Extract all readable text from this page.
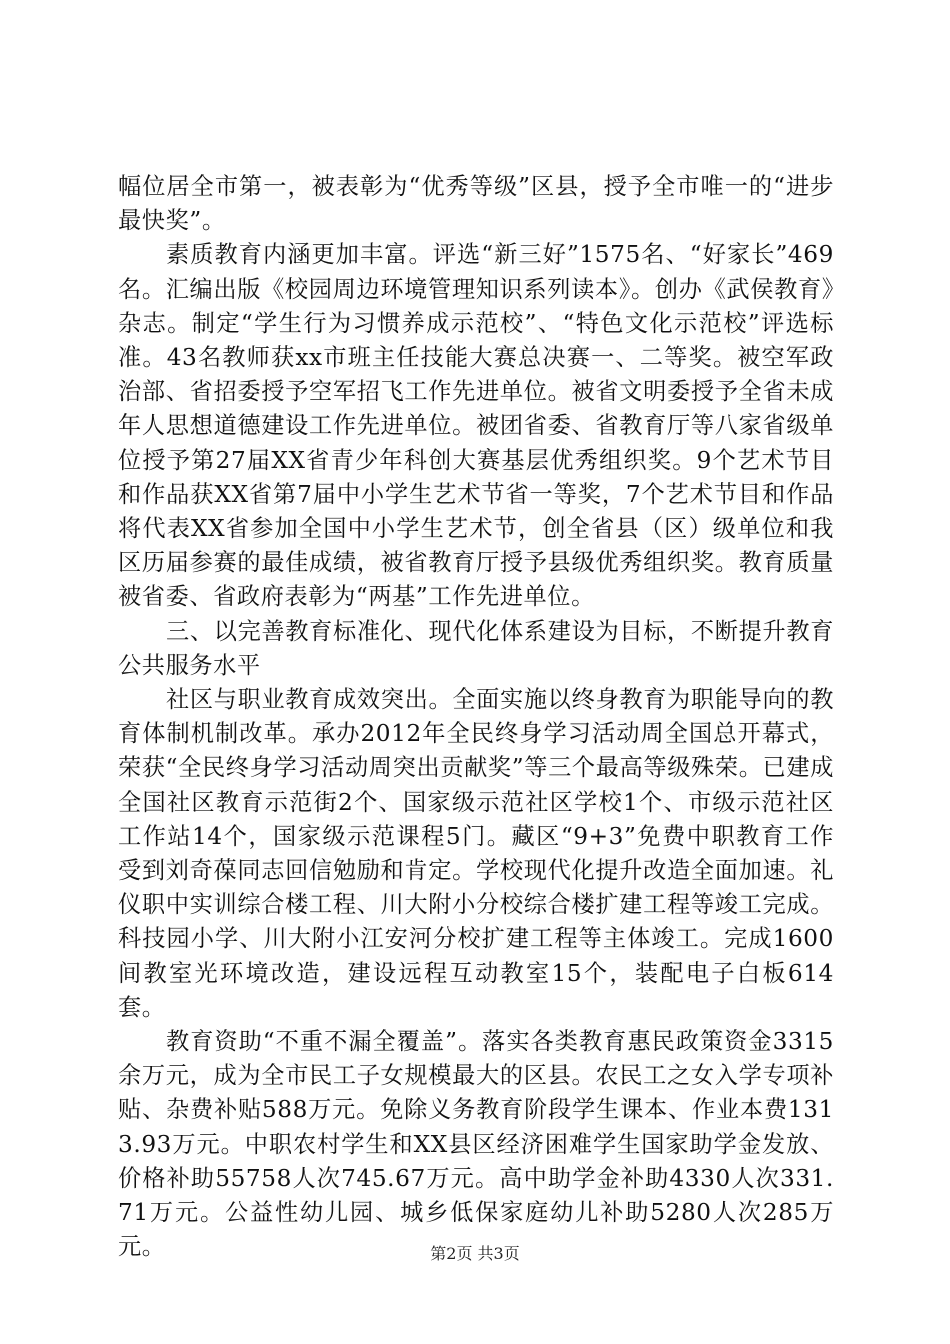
幅位居全市第一，被表彰为“优秀等级”区县，授予全市唯一的“进步最快奖”。

素质教育内涵更加丰富。评选“新三好”1575名、“好家长”469名。汇编出版《校园周边环境管理知识系列读本》。创办《武侯教育》杂志。制定“学生行为习惯养成示范校”、“特色文化示范校”评选标准。43名教师获xx市班主任技能大赛总决赛一、二等奖。被空军政治部、省招委授予空军招飞工作先进单位。被省文明委授予全省未成年人思想道德建设工作先进单位。被团省委、省教育厅等八家省级单位授予第27届XX省青少年科创大赛基层优秀组织奖。9个艺术节目和作品获XX省第7届中小学生艺术节省一等奖，7个艺术节目和作品将代表XX省参加全国中小学生艺术节，创全省县（区）级单位和我区历届参赛的最佳成绩，被省教育厅授予县级优秀组织奖。教育质量被省委、省政府表彰为“两基”工作先进单位。

三、以完善教育标准化、现代化体系建设为目标，不断提升教育公共服务水平

社区与职业教育成效突出。全面实施以终身教育为职能导向的教育体制机制改革。承办2012年全民终身学习活动周全国总开幕式，荣获“全民终身学习活动周突出贡献奖”等三个最高等级殊荣。已建成全国社区教育示范街2个、国家级示范社区学校1个、市级示范社区工作站14个，国家级示范课程5门。藏区“9+3”免费中职教育工作受到刘奇葆同志回信勉励和肯定。学校现代化提升改造全面加速。礼仪职中实训综合楼工程、川大附小分校综合楼扩建工程等竣工完成。科技园小学、川大附小江安河分校扩建工程等主体竣工。完成1600间教室光环境改造，建设远程互动教室15个，装配电子白板614套。

教育资助“不重不漏全覆盖”。落实各类教育惠民政策资金3315余万元，成为全市民工子女规模最大的区县。农民工之女入学专项补贴、杂费补贴588万元。免除义务教育阶段学生课本、作业本费1313.93万元。中职农村学生和XX县区经济困难学生国家助学金发放、价格补助55758人次745.67万元。高中助学金补助4330人次331.71万元。公益性幼儿园、城乡低保家庭幼儿补助5280人次285万元。	第2页 共3页
